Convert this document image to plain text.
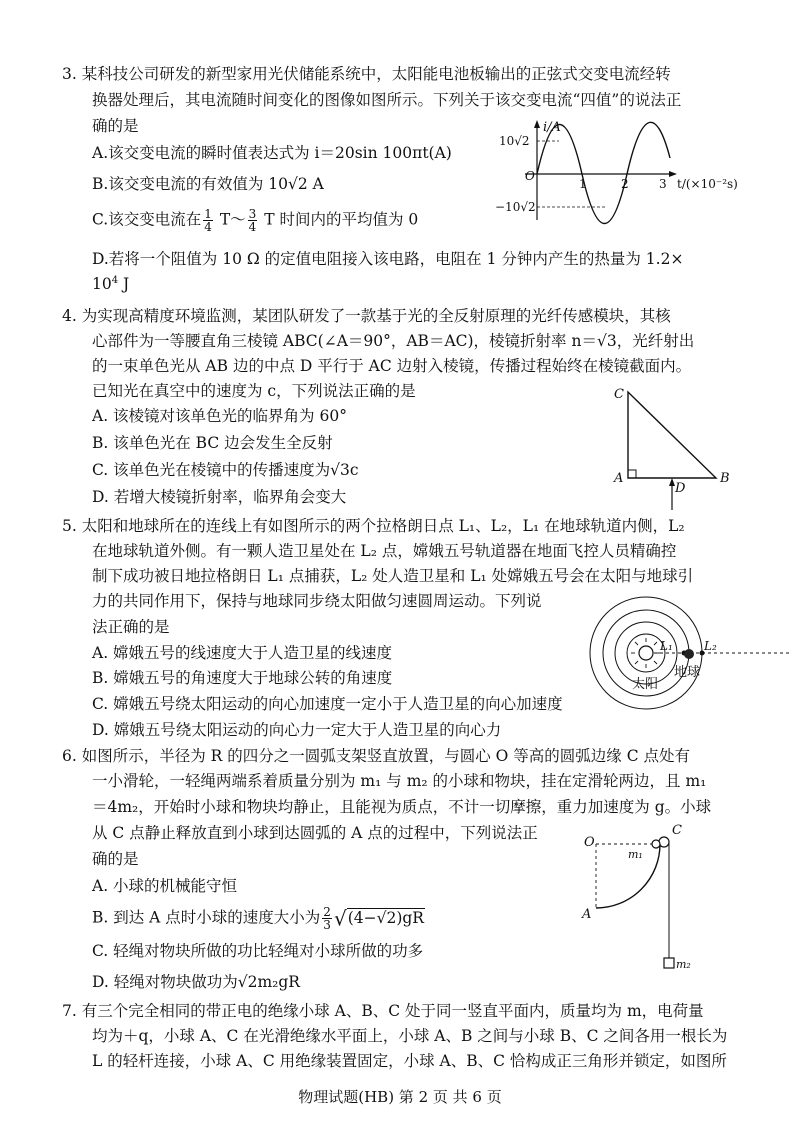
3. 某科技公司研发的新型家用光伏储能系统中，太阳能电池板输出的正弦式交变电流经转
换器处理后，其电流随时间变化的图像如图所示。下列关于该交变电流“四值”的说法正
确的是
A.该交变电流的瞬时值表达式为 i＝20sin 100πt(A)
B.该交变电流的有效值为 10√2 A
C.该交变电流在 $\frac{1}{4}$ T～ $\frac{3}{4}$ T 时间内的平均值为 0
D.若将一个阻值为 10 Ω 的定值电阻接入该电路，电阻在 1 分钟内产生的热量为 1.2×
$10^4$ J
i/A
10√2
−10√2
O
1	2	3 t/(×10⁻²s)
4. 为实现高精度环境监测，某团队研发了一款基于光的全反射原理的光纤传感模块，其核
心部件为一等腰直角三棱镜 ABC(∠A＝90°，AB＝AC)，棱镜折射率 n＝√3，光纤射出
的一束单色光从 AB 边的中点 D 平行于 AC 边射入棱镜，传播过程始终在棱镜截面内。
已知光在真空中的速度为 c，下列说法正确的是
A. 该棱镜对该单色光的临界角为 60°
B. 该单色光在 BC 边会发生全反射
C. 该单色光在棱镜中的传播速度为√3c
D. 若增大棱镜折射率，临界角会变大
C
A	B
D
5. 太阳和地球所在的连线上有如图所示的两个拉格朗日点 L₁、L₂，L₁ 在地球轨道内侧，L₂
在地球轨道外侧。有一颗人造卫星处在 L₂ 点，嫦娥五号轨道器在地面飞控人员精确控
制下成功被日地拉格朗日 L₁ 点捕获，L₂ 处人造卫星和 L₁ 处嫦娥五号会在太阳与地球引
力的共同作用下，保持与地球同步绕太阳做匀速圆周运动。下列说
法正确的是
A. 嫦娥五号的线速度大于人造卫星的线速度
B. 嫦娥五号的角速度大于地球公转的角速度
C. 嫦娥五号绕太阳运动的向心加速度一定小于人造卫星的向心加速度
D. 嫦娥五号绕太阳运动的向心力一定大于人造卫星的向心力
太阳
地球
L₁	L₂
6. 如图所示，半径为 R 的四分之一圆弧支架竖直放置，与圆心 O 等高的圆弧边缘 C 点处有
一小滑轮，一轻绳两端系着质量分别为 m₁ 与 m₂ 的小球和物块，挂在定滑轮两边，且 m₁
＝4m₂，开始时小球和物块均静止，且能视为质点，不计一切摩擦，重力加速度为 g。小球
从 C 点静止释放直到小球到达圆弧的 A 点的过程中，下列说法正
确的是
A. 小球的机械能守恒
B. 到达 A 点时小球的速度大小为 $\frac{2}{3} √(4-√2)gR$
C. 轻绳对物块所做的功比轻绳对小球所做的功多
D. 轻绳对物块做功为√2m₂gR
O
C
A
m₁
m₂
7. 有三个完全相同的带正电的绝缘小球 A、B、C 处于同一竖直平面内，质量均为 m，电荷量
均为＋q，小球 A、C 在光滑绝缘水平面上，小球 A、B 之间与小球 B、C 之间各用一根长为
L 的轻杆连接，小球 A、C 用绝缘装置固定，小球 A、B、C 恰构成正三角形并锁定，如图所
物理试题(HB) 第 2 页 共 6 页
